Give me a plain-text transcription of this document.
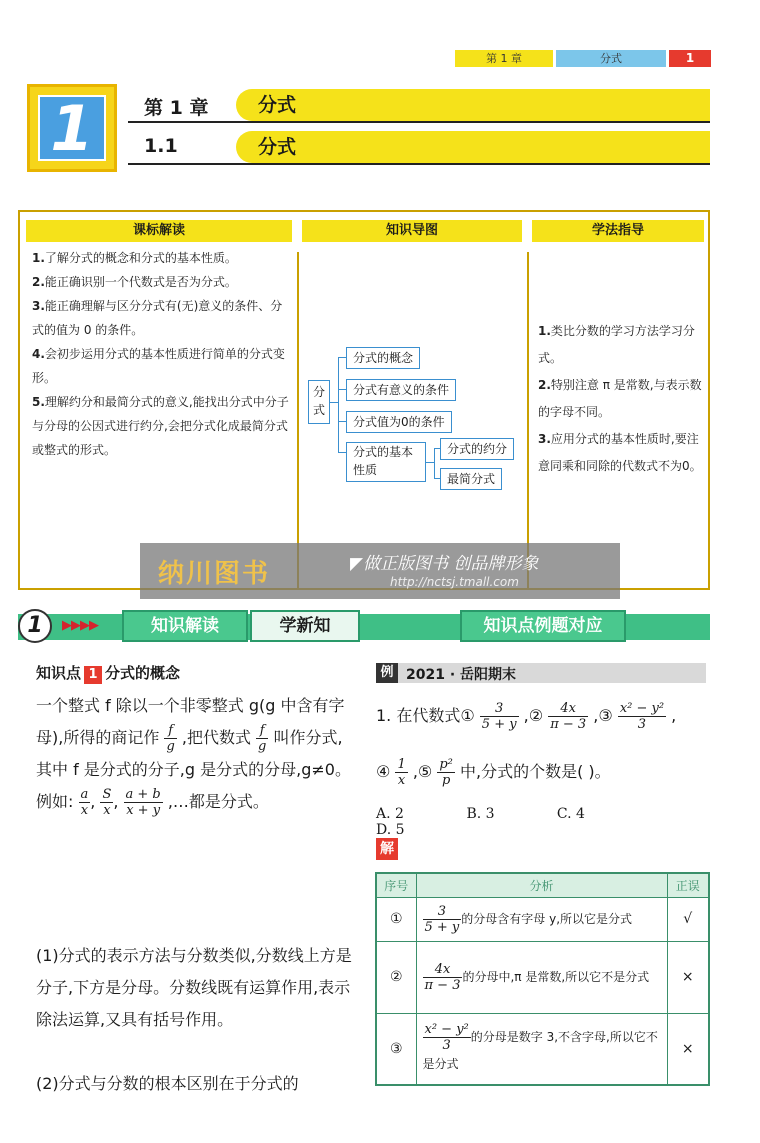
第 1 章	分式	1
1	第 1 章	分式
1.1	分式
课标解读	知识导图	学法指导
1.了解分式的概念和分式的基本性质。
2.能正确识别一个代数式是否为分式。
3.能正确理解与区分分式有(无)意义的条件、分式的值为 0 的条件。
4.会初步运用分式的基本性质进行简单的分式变形。
5.理解约分和最简分式的意义,能找出分式中分子与分母的公因式进行约分,会把分式化成最简分式或整式的形式。
分式
分式的概念
分式有意义的条件
分式值为0的条件
分式的基本性质
分式的约分
最简分式
1.类比分数的学习方法学习分式。
2.特别注意 π 是常数,与表示数的字母不同。
3.应用分式的基本性质时,要注意同乘和同除的代数式不为0。
纳川图书	◤做正版图书 创品牌形象
http://nctsj.tmall.com
1	▶▶▶▶	知识解读	学新知	知识点例题对应
知识点 1 分式的概念
一个整式 f 除以一个非零整式 g(g 中含有字母),所得的商记作 $\frac{f}{g}$ ,把代数式 $\frac{f}{g}$ 叫作分式,其中 f 是分式的分子,g 是分式的分母,g≠0。例如: $\frac{a}{x}$ , $\frac{S}{x}$ , $\frac{a + b}{x + y}$ ,…都是分式。
(1)分式的表示方法与分数类似,分数线上方是分子,下方是分母。分数线既有运算作用,表示除法运算,又具有括号作用。
(2)分式与分数的根本区别在于分式的
例 2021 · 岳阳期末
1. 在代数式① $\frac{3}{5 + y}$ ,② $\frac{4x}{\pi - 3}$ ,③ $\frac{\text{x² − y²}}{3}$ ,
④ $\frac{1}{x}$ ,⑤ $\frac{\text{p²}}{p}$ 中,分式的个数是( )。
A. 2	B. 3	C. 4 D. 5
解
序号	分析	正误
①	$\frac{3}{5 + y}$ 的分母含有字母 y,所以它是分式	√
②	$\frac{4x}{\pi - 3}$ 的分母中,π 是常数,所以它不是分式	×
③	$\frac{\text{x² − y²}}{3}$ 的分母是数字 3,不含字母,所以它不是分式	×
